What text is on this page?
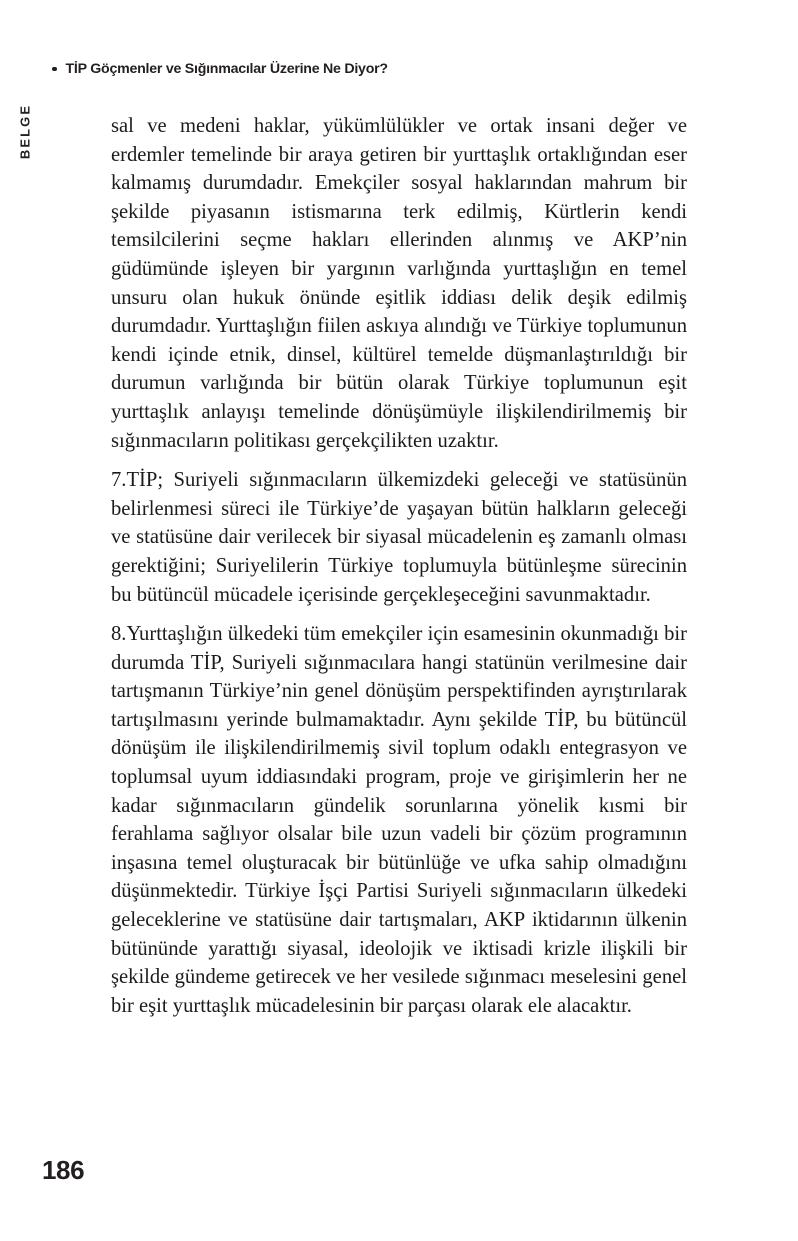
TİP Göçmenler ve Sığınmacılar Üzerine Ne Diyor?
BELGE	sal ve medeni haklar, yükümlülükler ve ortak insani değer ve erdemler temelinde bir araya getiren bir yurttaşlık ortaklığından eser kalmamış durumdadır. Emekçiler sosyal haklarından mahrum bir şekilde piyasanın istismarına terk edilmiş, Kürtlerin kendi temsilcilerini seçme hakları ellerinden alınmış ve AKP’nin güdümünde işleyen bir yargının varlığında yurttaşlığın en temel unsuru olan hukuk önünde eşitlik iddiası delik deşik edilmiş durumdadır. Yurttaşlığın fiilen askıya alındığı ve Türkiye toplumunun kendi içinde etnik, dinsel, kültürel temelde düşmanlaştırıldığı bir durumun varlığında bir bütün olarak Türkiye toplumunun eşit yurttaşlık anlayışı temelinde dönüşümüyle ilişkilendirilmemiş bir sığınmacıların politikası gerçekçilikten uzaktır.

7.TİP; Suriyeli sığınmacıların ülkemizdeki geleceği ve statüsünün belirlenmesi süreci ile Türkiye’de yaşayan bütün halkların geleceği ve statüsüne dair verilecek bir siyasal mücadelenin eş zamanlı olması gerektiğini; Suriyelilerin Türkiye toplumuyla bütünleşme sürecinin bu bütüncül mücadele içerisinde gerçekleşeceğini savunmaktadır.

8.Yurttaşlığın ülkedeki tüm emekçiler için esamesinin okunmadığı bir durumda TİP, Suriyeli sığınmacılara hangi statünün verilmesine dair tartışmanın Türkiye’nin genel dönüşüm perspektifinden ayrıştırılarak tartışılmasını yerinde bulmamaktadır. Aynı şekilde TİP, bu bütüncül dönüşüm ile ilişkilendirilmemiş sivil toplum odaklı entegrasyon ve toplumsal uyum iddiasındaki program, proje ve girişimlerin her ne kadar sığınmacıların gündelik sorunlarına yönelik kısmi bir ferahlama sağlıyor olsalar bile uzun vadeli bir çözüm programının inşasına temel oluşturacak bir bütünlüğe ve ufka sahip olmadığını düşünmektedir. Türkiye İşçi Partisi Suriyeli sığınmacıların ülkedeki geleceklerine ve statüsüne dair tartışmaları, AKP iktidarının ülkenin bütününde yarattığı siyasal, ideolojik ve iktisadi krizle ilişkili bir şekilde gündeme getirecek ve her vesilede sığınmacı meselesini genel bir eşit yurttaşlık mücadelesinin bir parçası olarak ele alacaktır.

186
